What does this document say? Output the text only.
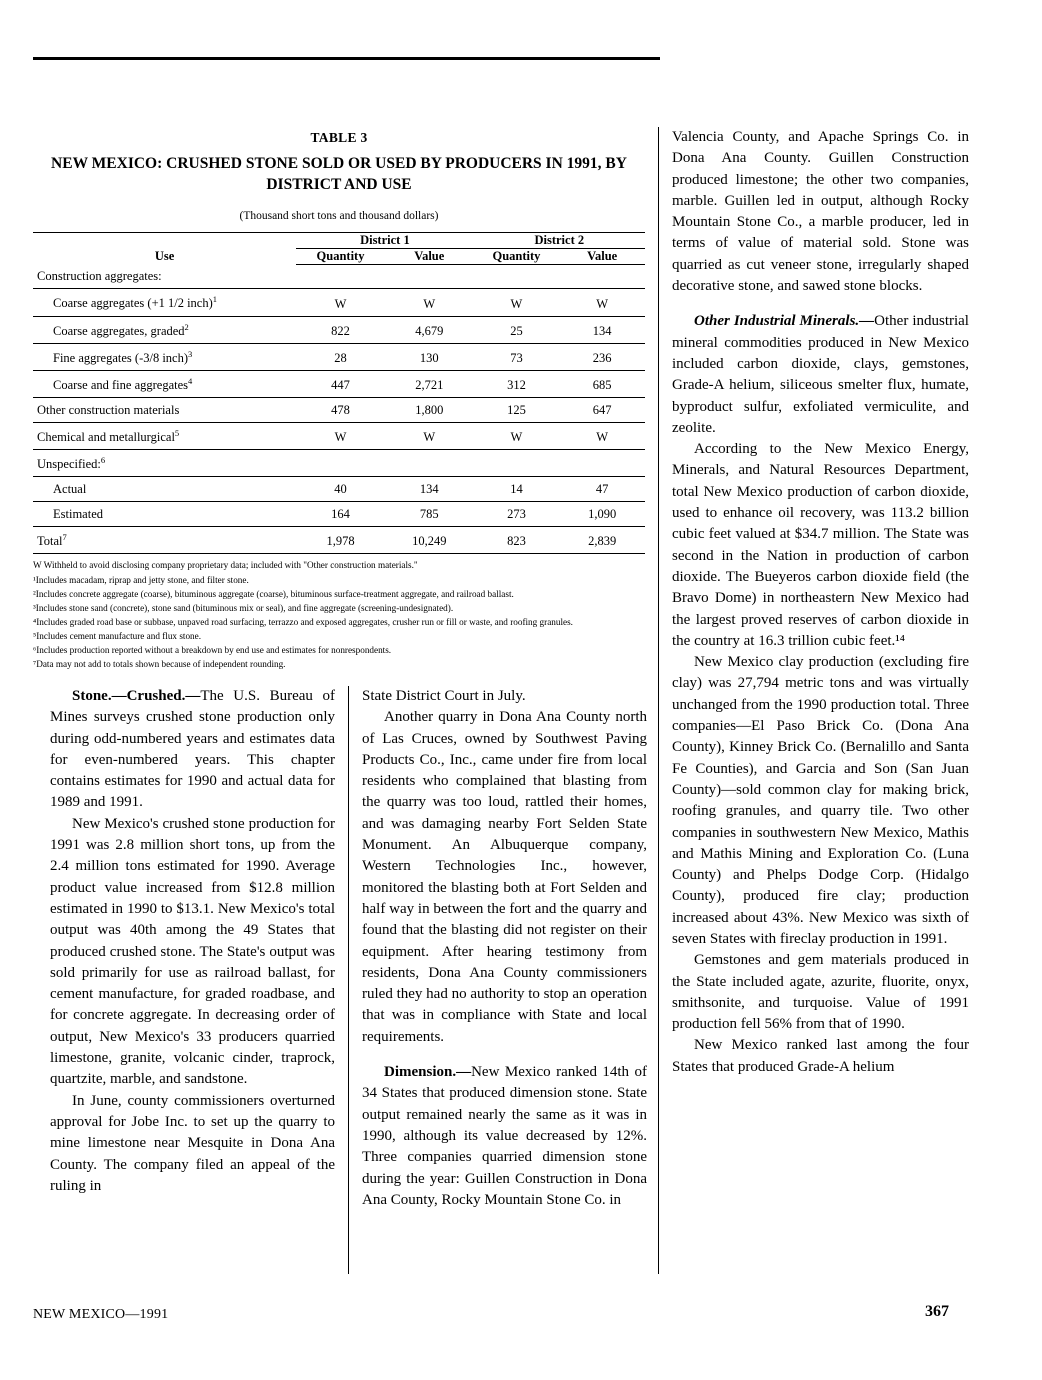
TABLE 3
NEW MEXICO: CRUSHED STONE SOLD OR USED BY PRODUCERS IN 1991, BY DISTRICT AND USE
(Thousand short tons and thousand dollars)
Use	District 1		District 2	
	Quantity	Value	Quantity	Value
Construction aggregates:				
Coarse aggregates (+1 1/2 inch)$^1$	W	W	W	W
Coarse aggregates, graded$^2$	822	4,679	25	134
Fine aggregates (-3/8 inch)$^3$	28	130	73	236
Coarse and fine aggregates$^4$	447	2,721	312	685
Other construction materials	478	1,800	125	647
Chemical and metallurgical$^5$	W	W	W	W
Unspecified:$^6$				
Actual	40	134	14	47
Estimated	164	785	273	1,090
Total$^7$	1,978	10,249	823	2,839
W Withheld to avoid disclosing company proprietary data; included with "Other construction materials."
¹Includes macadam, riprap and jetty stone, and filter stone.
²Includes concrete aggregate (coarse), bituminous aggregate (coarse), bituminous surface-treatment aggregate, and railroad ballast.
³Includes stone sand (concrete), stone sand (bituminous mix or seal), and fine aggregate (screening-undesignated).
⁴Includes graded road base or subbase, unpaved road surfacing, terrazzo and exposed aggregates, crusher run or fill or waste, and roofing granules.
⁵Includes cement manufacture and flux stone.
⁶Includes production reported without a breakdown by end use and estimates for nonrespondents.
⁷Data may not add to totals shown because of independent rounding.

Stone.—Crushed.—The U.S. Bureau of Mines surveys crushed stone production only during odd-numbered years and estimates data for even-numbered years. This chapter contains estimates for 1990 and actual data for 1989 and 1991.

New Mexico's crushed stone production for 1991 was 2.8 million short tons, up from the 2.4 million tons estimated for 1990. Average product value increased from $12.8 million estimated in 1990 to $13.1. New Mexico's total output was 40th among the 49 States that produced crushed stone. The State's output was sold primarily for use as railroad ballast, for cement manufacture, for graded roadbase, and for concrete aggregate. In decreasing order of output, New Mexico's 33 producers quarried limestone, granite, volcanic cinder, traprock, quartzite, marble, and sandstone.

In June, county commissioners overturned approval for Jobe Inc. to set up the quarry to mine limestone near Mesquite in Dona Ana County. The company filed an appeal of the ruling in

State District Court in July.

Another quarry in Dona Ana County north of Las Cruces, owned by Southwest Paving Products Co., Inc., came under fire from local residents who complained that blasting from the quarry was too loud, rattled their homes, and was damaging nearby Fort Selden State Monument. An Albuquerque company, Western Technologies Inc., however, monitored the blasting both at Fort Selden and half way in between the fort and the quarry and found that the blasting did not register on their equipment. After hearing testimony from residents, Dona Ana County commissioners ruled they had no authority to stop an operation that was in compliance with State and local requirements.

Dimension.—New Mexico ranked 14th of 34 States that produced dimension stone. State output remained nearly the same as it was in 1990, although its value decreased by 12%. Three companies quarried dimension stone during the year: Guillen Construction in Dona Ana County, Rocky Mountain Stone Co. in

Valencia County, and Apache Springs Co. in Dona Ana County. Guillen Construction produced limestone; the other two companies, marble. Guillen led in output, although Rocky Mountain Stone Co., a marble producer, led in terms of value of material sold. Stone was quarried as cut veneer stone, irregularly shaped decorative stone, and sawed stone blocks.

Other Industrial Minerals.—Other industrial mineral commodities produced in New Mexico included carbon dioxide, clays, gemstones, Grade-A helium, siliceous smelter flux, humate, byproduct sulfur, exfoliated vermiculite, and zeolite.

According to the New Mexico Energy, Minerals, and Natural Resources Department, total New Mexico production of carbon dioxide, used to enhance oil recovery, was 113.2 billion cubic feet valued at $34.7 million. The State was second in the Nation in production of carbon dioxide. The Bueyeros carbon dioxide field (the Bravo Dome) in northeastern New Mexico had the largest proved reserves of carbon dioxide in the country at 16.3 trillion cubic feet.¹⁴

New Mexico clay production (excluding fire clay) was 27,794 metric tons and was virtually unchanged from the 1990 production total. Three companies—El Paso Brick Co. (Dona Ana County), Kinney Brick Co. (Bernalillo and Santa Fe Counties), and Garcia and Son (San Juan County)—sold common clay for making brick, roofing granules, and quarry tile. Two other companies in southwestern New Mexico, Mathis and Mathis Mining and Exploration Co. (Luna County) and Phelps Dodge Corp. (Hidalgo County), produced fire clay; production increased about 43%. New Mexico was sixth of seven States with fireclay production in 1991.

Gemstones and gem materials produced in the State included agate, azurite, fluorite, onyx, smithsonite, and turquoise. Value of 1991 production fell 56% from that of 1990.

New Mexico ranked last among the four States that produced Grade-A helium

NEW MEXICO—1991	367
